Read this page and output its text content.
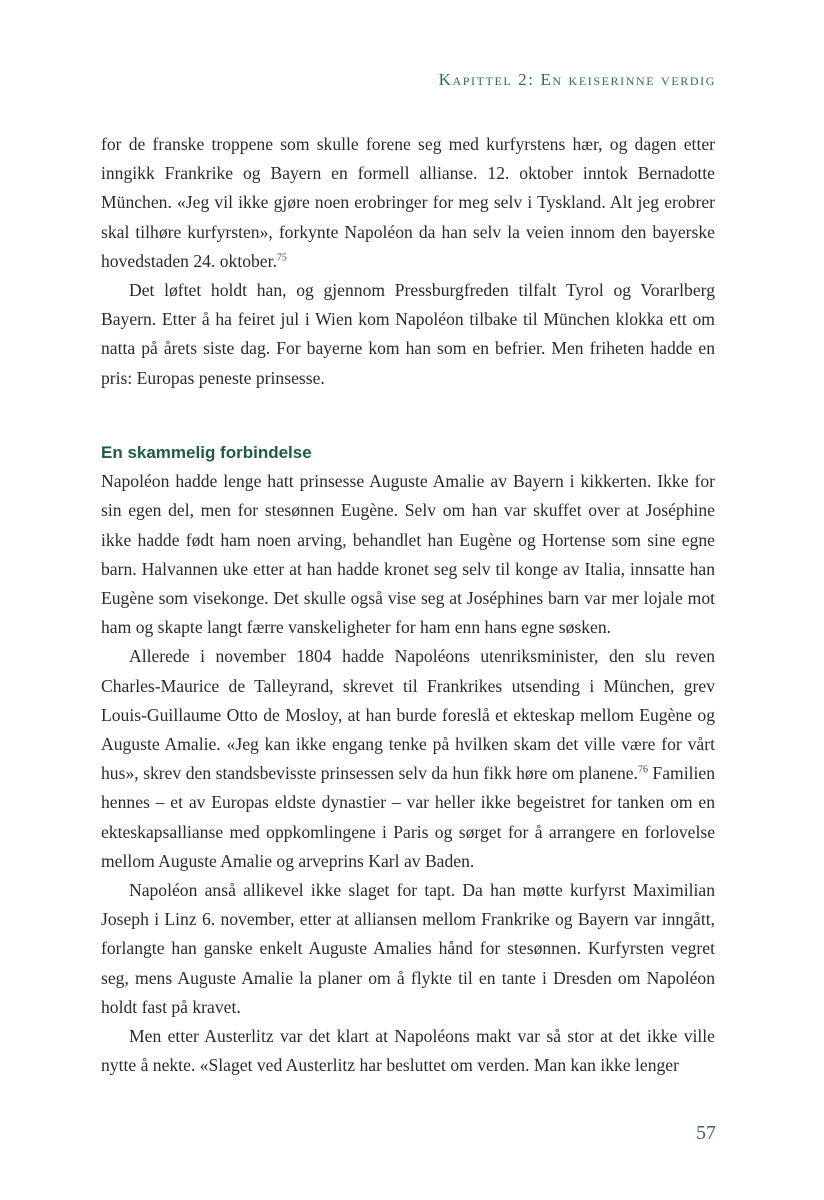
Kapittel 2: En keiserinne verdig

for de franske troppene som skulle forene seg med kurfyrstens hær, og dagen etter inngikk Frankrike og Bayern en formell allianse. 12. oktober inntok Bernadotte München. «Jeg vil ikke gjøre noen erobringer for meg selv i Tyskland. Alt jeg erobrer skal tilhøre kurfyrsten», forkynte Napoléon da han selv la veien innom den bayerske hovedstaden 24. oktober.$^{75}$

Det løftet holdt han, og gjennom Pressburgfreden tilfalt Tyrol og Vorarlberg Bayern. Etter å ha feiret jul i Wien kom Napoléon tilbake til München klokka ett om natta på årets siste dag. For bayerne kom han som en befrier. Men friheten hadde en pris: Europas peneste prinsesse.

En skammelig forbindelse

Napoléon hadde lenge hatt prinsesse Auguste Amalie av Bayern i kikkerten. Ikke for sin egen del, men for stesønnen Eugène. Selv om han var skuffet over at Joséphine ikke hadde født ham noen arving, behandlet han Eugène og Hortense som sine egne barn. Halvannen uke etter at han hadde kronet seg selv til konge av Italia, innsatte han Eugène som visekonge. Det skulle også vise seg at Joséphines barn var mer lojale mot ham og skapte langt færre vanskeligheter for ham enn hans egne søsken.

Allerede i november 1804 hadde Napoléons utenriksminister, den slu reven Charles-Maurice de Talleyrand, skrevet til Frankrikes utsending i München, grev Louis-Guillaume Otto de Mosloy, at han burde foreslå et ekteskap mellom Eugène og Auguste Amalie. «Jeg kan ikke engang tenke på hvilken skam det ville være for vårt hus», skrev den standsbevisste prinsessen selv da hun fikk høre om planene.$^{76}$ Familien hennes – et av Europas eldste dynastier – var heller ikke begeistret for tanken om en ekteskapsallianse med oppkomlingene i Paris og sørget for å arrangere en forlovelse mellom Auguste Amalie og arveprins Karl av Baden.

Napoléon anså allikevel ikke slaget for tapt. Da han møtte kurfyrst Maximilian Joseph i Linz 6. november, etter at alliansen mellom Frankrike og Bayern var inngått, forlangte han ganske enkelt Auguste Amalies hånd for stesønnen. Kurfyrsten vegret seg, mens Auguste Amalie la planer om å flykte til en tante i Dresden om Napoléon holdt fast på kravet.

Men etter Austerlitz var det klart at Napoléons makt var så stor at det ikke ville nytte å nekte. «Slaget ved Austerlitz har besluttet om verden. Man kan ikke lenger

57
